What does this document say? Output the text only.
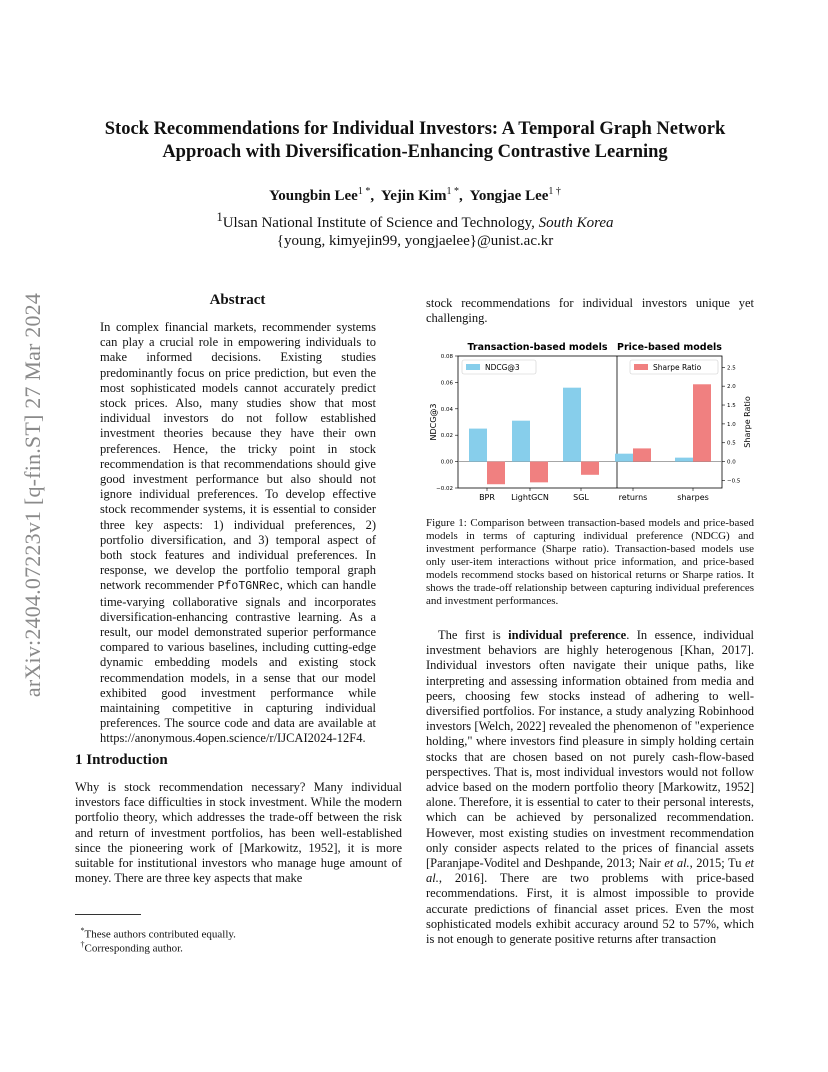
arXiv:2404.07223v1 [q-fin.ST] 27 Mar 2024
Stock Recommendations for Individual Investors: A Temporal Graph Network
Approach with Diversification-Enhancing Contrastive Learning
Youngbin Lee$^{1 *}$,  Yejin Kim$^{1 *}$,  Yongjae Lee$^{1 \dagger}$
$^1$Ulsan National Institute of Science and Technology, South Korea
{young, kimyejin99, yongjaelee}@unist.ac.kr
Abstract
In complex financial markets, recommender systems can play a crucial role in empowering individuals to make informed decisions. Existing studies predominantly focus on price prediction, but even the most sophisticated models cannot accurately predict stock prices. Also, many studies show that most individual investors do not follow established investment theories because they have their own preferences. Hence, the tricky point in stock recommendation is that recommendations should give good investment performance but also should not ignore individual preferences. To develop effective stock recommender systems, it is essential to consider three key aspects: 1) individual preferences, 2) portfolio diversification, and 3) temporal aspect of both stock features and individual preferences. In response, we develop the portfolio temporal graph network recommender PfoTGNRec, which can handle time-varying collaborative signals and incorporates diversification-enhancing contrastive learning. As a result, our model demonstrated superior performance compared to various baselines, including cutting-edge dynamic embedding models and existing stock recommendation models, in a sense that our model exhibited good investment performance while maintaining competitive in capturing individual preferences. The source code and data are available at https://anonymous.4open.science/r/IJCAI2024-12F4.
1 Introduction
Why is stock recommendation necessary? Many individual investors face difficulties in stock investment. While the modern portfolio theory, which addresses the trade-off between the risk and return of investment portfolios, has been well-established since the pioneering work of [Markowitz, 1952], it is more suitable for institutional investors who manage huge amount of money. There are three key aspects that make
*These authors contributed equally.
†Corresponding author.
stock recommendations for individual investors unique yet challenging.
Transaction-based models Price-based models
0.08
0.06
0.04
0.02
0.00
−0.02
2.5
2.0
1.5
1.0
0.5
0.0
−0.5
NDCG@3	Sharpe Ratio
BPR LightGCN	SGL	returns	sharpes
NDCG@3	Sharpe Ratio
Figure 1: Comparison between transaction-based models and price-based models in terms of capturing individual preference (NDCG) and investment performance (Sharpe ratio). Transaction-based models use only user-item interactions without price information, and price-based models recommend stocks based on historical returns or Sharpe ratios. It shows the trade-off relationship between capturing individual preferences and investment performances.
The first is individual preference. In essence, individual investment behaviors are highly heterogenous [Khan, 2017]. Individual investors often navigate their unique paths, like interpreting and assessing information obtained from media and peers, choosing few stocks instead of adhering to well-diversified portfolios. For instance, a study analyzing Robinhood investors [Welch, 2022] revealed the phenomenon of "experience holding," where investors find pleasure in simply holding certain stocks that are chosen based on not purely cash-flow-based perspectives. That is, most individual investors would not follow advice based on the modern portfolio theory [Markowitz, 1952] alone. Therefore, it is essential to cater to their personal interests, which can be achieved by personalized recommendation. However, most existing studies on investment recommendation only consider aspects related to the prices of financial assets [Paranjape-Voditel and Deshpande, 2013; Nair et al., 2015; Tu et al., 2016]. There are two problems with price-based recommendations. First, it is almost impossible to provide accurate predictions of financial asset prices. Even the most sophisticated models exhibit accuracy around 52 to 57%, which is not enough to generate positive returns after transaction
